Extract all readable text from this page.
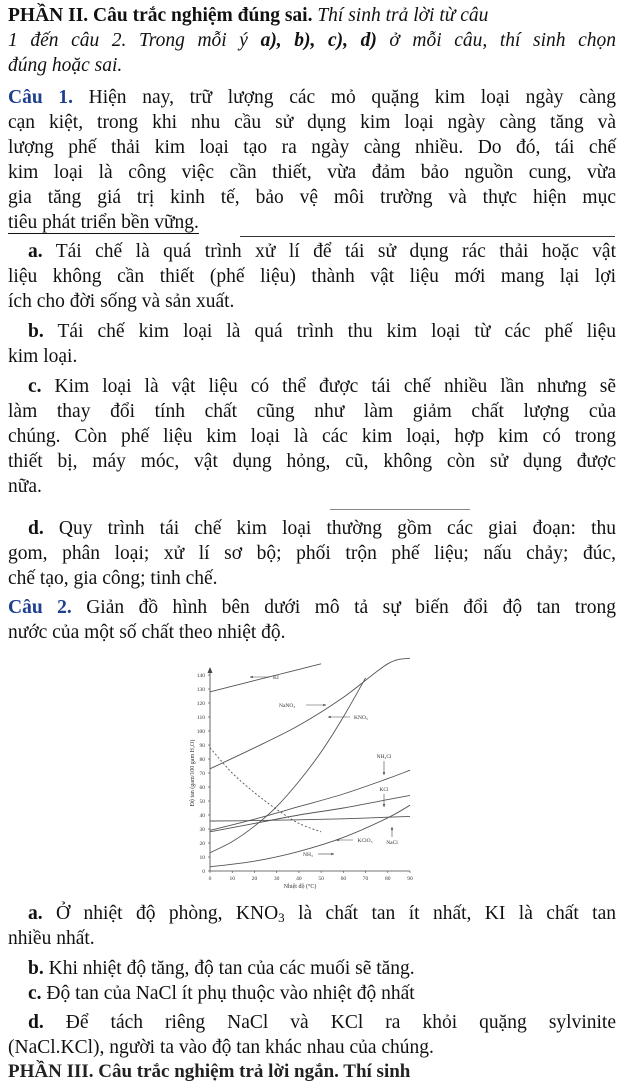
PHẦN II. Câu trắc nghiệm đúng sai. Thí sinh trả lời từ câu
1 đến câu 2. Trong mỗi ý a), b), c), d) ở mỗi câu, thí sinh chọn
đúng hoặc sai.
Câu 1. Hiện nay, trữ lượng các mỏ quặng kim loại ngày càng
cạn kiệt, trong khi nhu cầu sử dụng kim loại ngày càng tăng và
lượng phế thải kim loại tạo ra ngày càng nhiều. Do đó, tái chế
kim loại là công việc cần thiết, vừa đảm bảo nguồn cung, vừa
gia tăng giá trị kinh tế, bảo vệ môi trường và thực hiện mục
tiêu phát triển bền vững.
a. Tái chế là quá trình xử lí để tái sử dụng rác thải hoặc vật
liệu không cần thiết (phế liệu) thành vật liệu mới mang lại lợi
ích cho đời sống và sản xuất.
b. Tái chế kim loại là quá trình thu kim loại từ các phế liệu
kim loại.
c. Kim loại là vật liệu có thể được tái chế nhiều lần nhưng sẽ
làm thay đổi tính chất cũng như làm giảm chất lượng của
chúng. Còn phế liệu kim loại là các kim loại, hợp kim có trong
thiết bị, máy móc, vật dụng hỏng, cũ, không còn sử dụng được
nữa.
d. Quy trình tái chế kim loại thường gồm các giai đoạn: thu
gom, phân loại; xử lí sơ bộ; phối trộn phế liệu; nấu chảy; đúc,
chế tạo, gia công; tinh chế.
Câu 2. Giản đồ hình bên dưới mô tả sự biến đổi độ tan trong
nước của một số chất theo nhiệt độ.
0
10
20
30
40
50
60
70
80
90
100
110
120
130
140
0	10	20	30	40	50	60	70	80	90
Nhiệt độ (°C)
Độ tan (gam/100 gam H₂O)
KI
NaNO₃
KNO₃
NH₄Cl
KCl
KClO₃ NaCl
NH₃
a. Ở nhiệt độ phòng, $KNO_3$ là chất tan ít nhất, KI là chất tan
nhiều nhất.
b. Khi nhiệt độ tăng, độ tan của các muối sẽ tăng.
c. Độ tan của NaCl ít phụ thuộc vào nhiệt độ nhất
d. Để tách riêng NaCl và KCl ra khỏi quặng sylvinite
(NaCl.KCl), người ta vào độ tan khác nhau của chúng.
PHẦN III. Câu trắc nghiệm trả lời ngắn. Thí sinh
